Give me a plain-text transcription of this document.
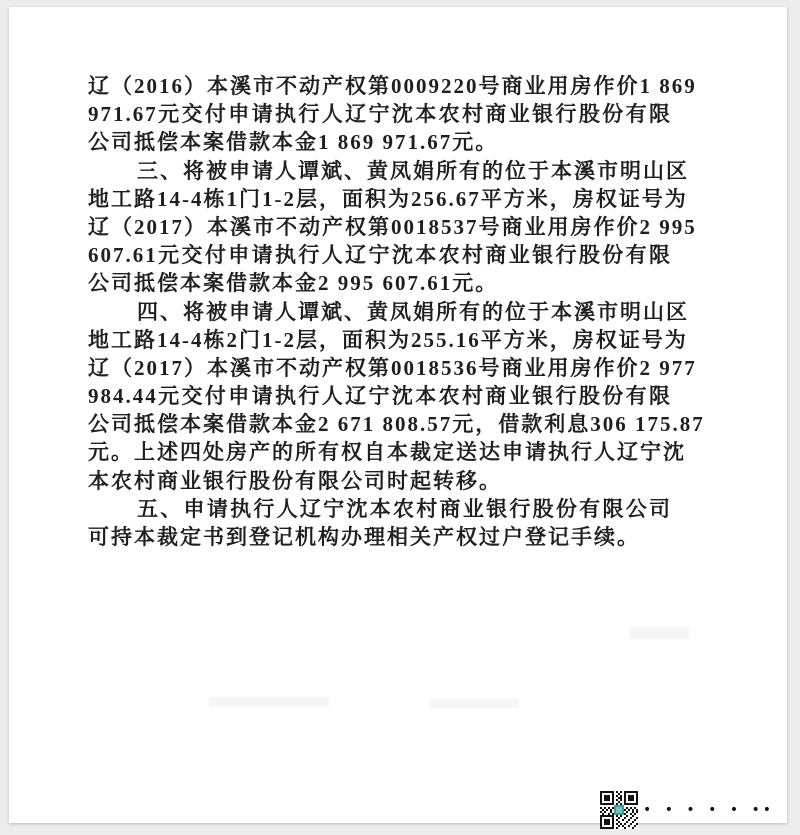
辽（2016）本溪市不动产权第0009220号商业用房作价1 869
971.67元交付申请执行人辽宁沈本农村商业银行股份有限
公司抵偿本案借款本金1 869 971.67元。
三、将被申请人谭斌、黄凤娟所有的位于本溪市明山区
地工路14-4栋1门1-2层，面积为256.67平方米，房权证号为
辽（2017）本溪市不动产权第0018537号商业用房作价2 995
607.61元交付申请执行人辽宁沈本农村商业银行股份有限
公司抵偿本案借款本金2 995 607.61元。
四、将被申请人谭斌、黄凤娟所有的位于本溪市明山区
地工路14-4栋2门1-2层，面积为255.16平方米，房权证号为
辽（2017）本溪市不动产权第0018536号商业用房作价2 977
984.44元交付申请执行人辽宁沈本农村商业银行股份有限
公司抵偿本案借款本金2 671 808.57元，借款利息306 175.87
元。上述四处房产的所有权自本裁定送达申请执行人辽宁沈
本农村商业银行股份有限公司时起转移。
五、申请执行人辽宁沈本农村商业银行股份有限公司
可持本裁定书到登记机构办理相关产权过户登记手续。
• • • • • ••
